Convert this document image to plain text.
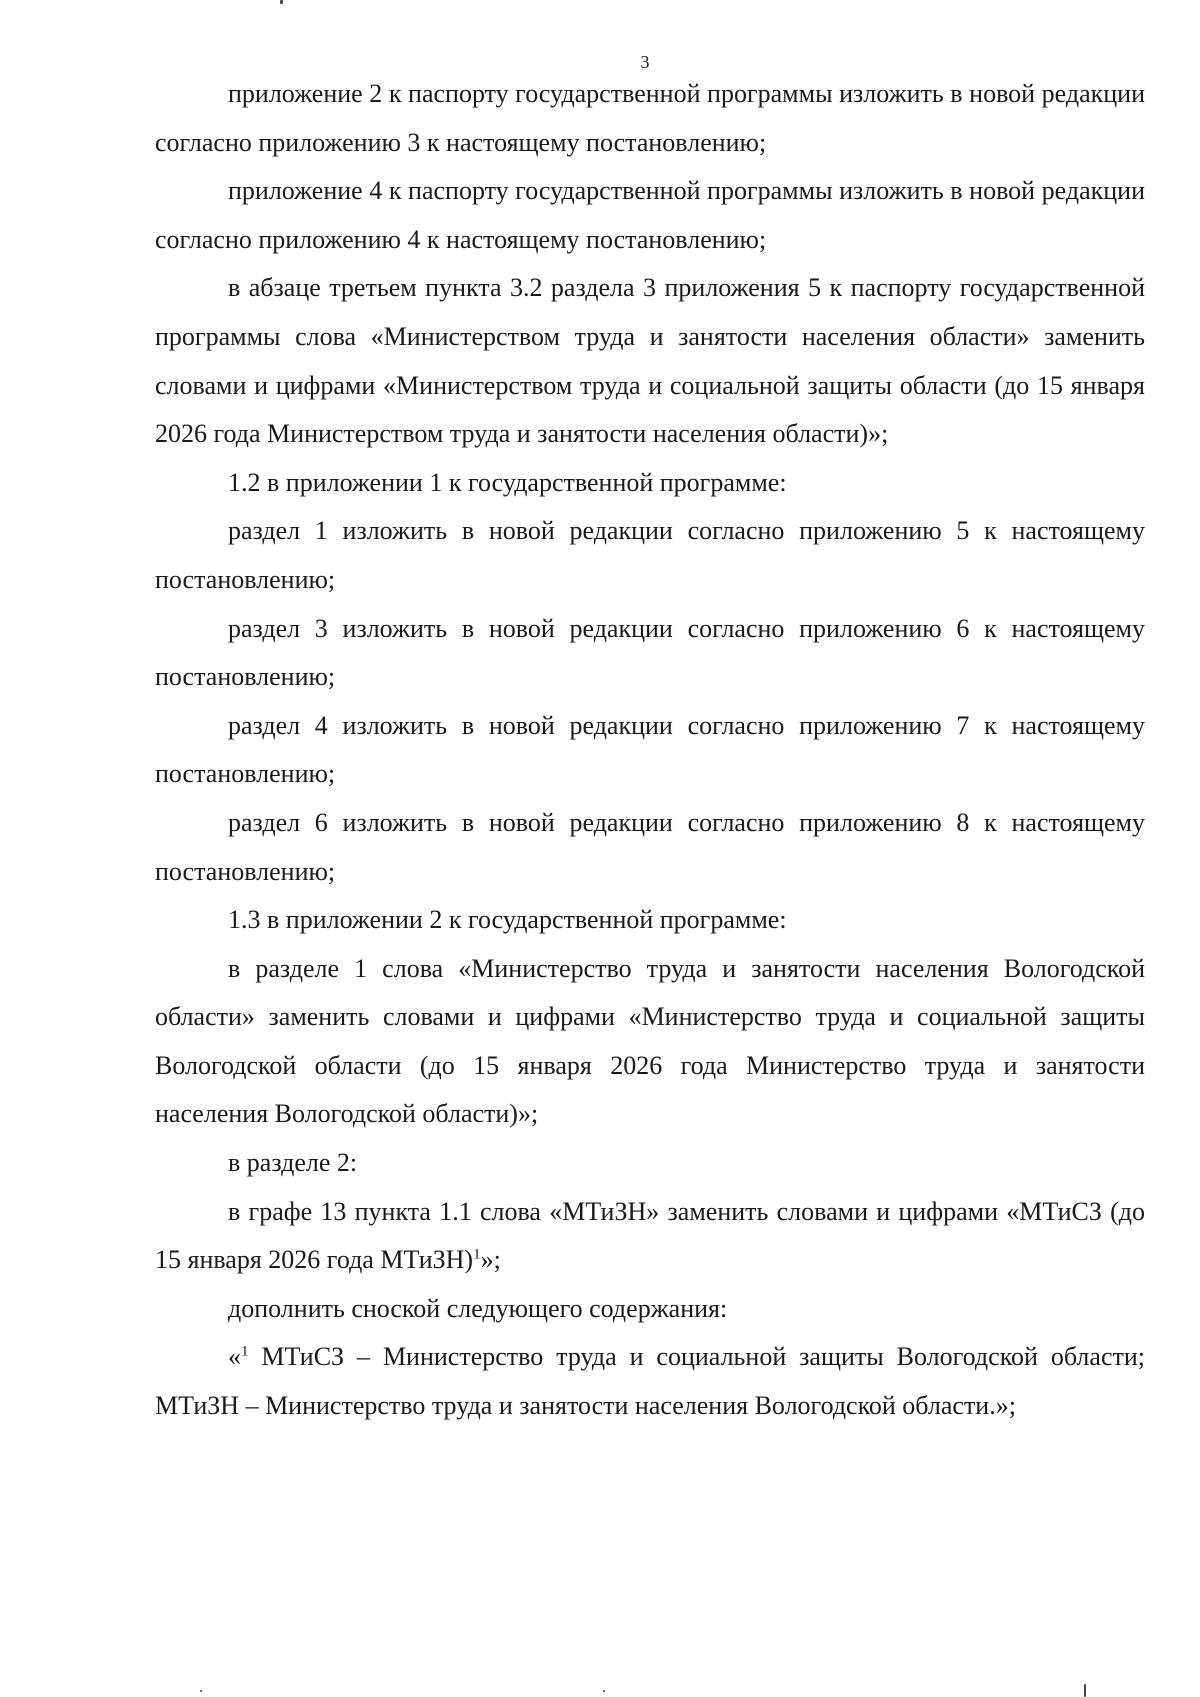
3

приложение 2 к паспорту государственной программы изложить в новой редакции согласно приложению 3 к настоящему постановлению;

приложение 4 к паспорту государственной программы изложить в новой редакции согласно приложению 4 к настоящему постановлению;

в абзаце третьем пункта 3.2 раздела 3 приложения 5 к паспорту государственной программы слова «Министерством труда и занятости населения области» заменить словами и цифрами «Министерством труда и социальной защиты области (до 15 января 2026 года Министерством труда и занятости населения области)»;

1.2 в приложении 1 к государственной программе:

раздел 1 изложить в новой редакции согласно приложению 5 к настоящему постановлению;

раздел 3 изложить в новой редакции согласно приложению 6 к настоящему постановлению;

раздел 4 изложить в новой редакции согласно приложению 7 к настоящему постановлению;

раздел 6 изложить в новой редакции согласно приложению 8 к настоящему постановлению;

1.3 в приложении 2 к государственной программе:

в разделе 1 слова «Министерство труда и занятости населения Вологодской области» заменить словами и цифрами «Министерство труда и социальной защиты Вологодской области (до 15 января 2026 года Министерство труда и занятости населения Вологодской области)»;

в разделе 2:

в графе 13 пункта 1.1 слова «МТиЗН» заменить словами и цифрами «МТиСЗ (до 15 января 2026 года МТиЗН)$^1$»;

дополнить сноской следующего содержания:

«$^1$ МТиСЗ – Министерство труда и социальной защиты Вологодской области; МТиЗН – Министерство труда и занятости населения Вологодской области.»;
